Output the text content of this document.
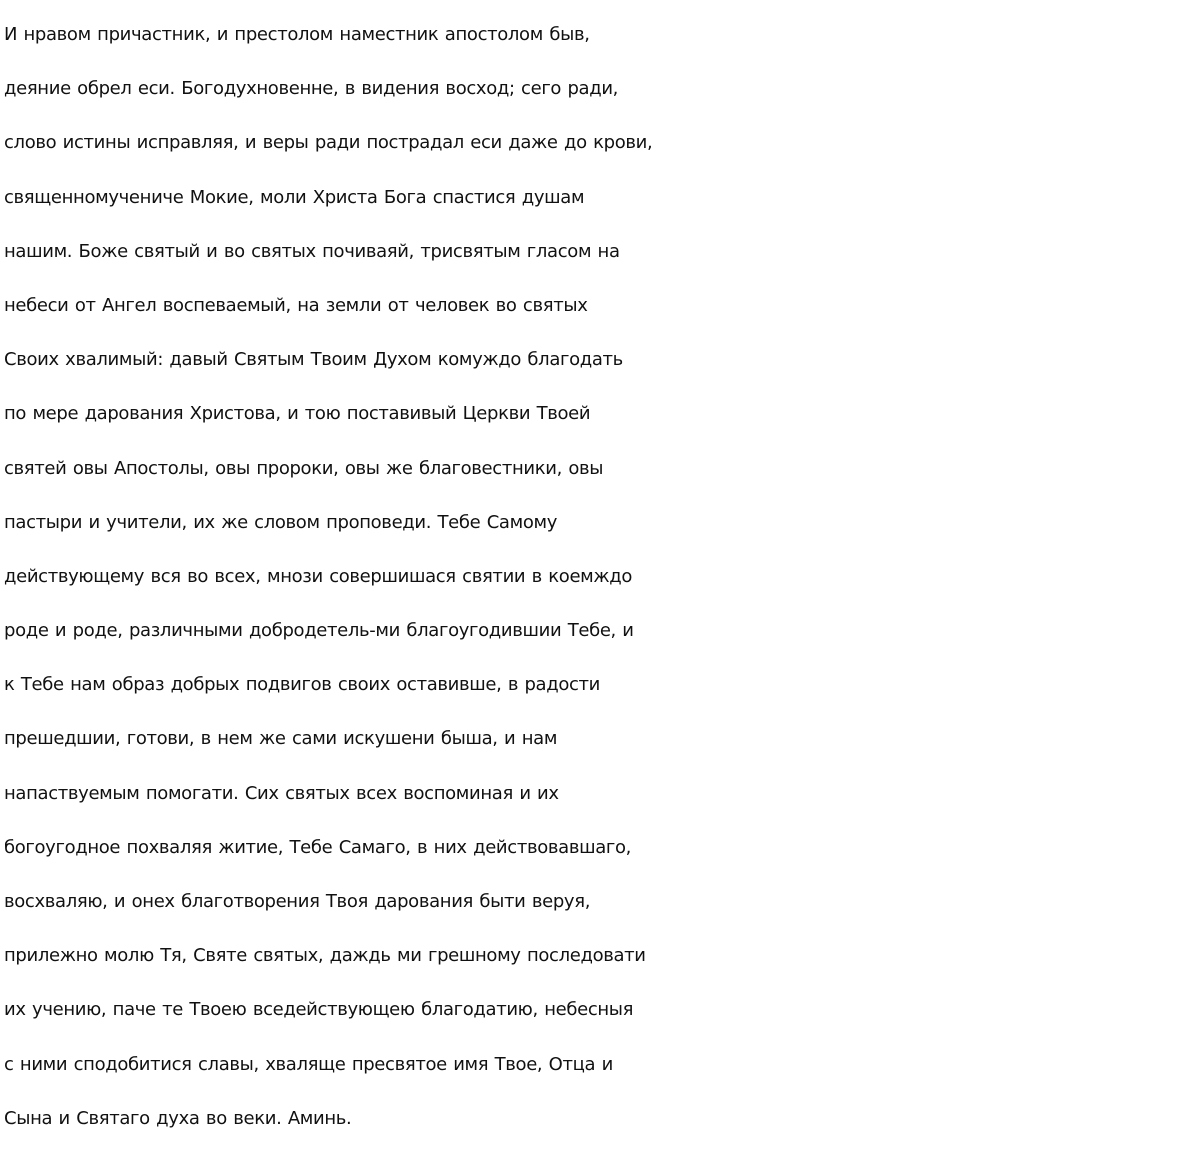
И нравом причастник, и престолом наместник апостолом быв,
деяние обрел еси. Богодухновенне, в видения восход; сего ради,
слово истины исправляя, и веры ради пострадал еси даже до крови,
священномучениче Мокие, моли Христа Бога спастися душам
нашим. Боже святый и во святых почиваяй, трисвятым гласом на
небеси от Ангел воспеваемый, на земли от человек во святых
Своих хвалимый: давый Святым Твоим Духом комуждо благодать
по мере дарования Христова, и тою поставивый Церкви Твоей
святей овы Апостолы, овы пророки, овы же благовестники, овы
пастыри и учители, их же словом проповеди. Тебе Самому
действующему вся во всех, мнози совершишася святии в коемждо
роде и роде, различными добродетель-ми благоугодившии Тебе, и
к Тебе нам образ добрых подвигов своих оставивше, в радости
прешедшии, готови, в нем же сами искушени быша, и нам
напаствуемым помогати. Сих святых всех воспоминая и их
богоугодное похваляя житие, Тебе Самаго, в них действовавшаго,
восхваляю, и онех благотворения Твоя дарования быти веруя,
прилежно молю Тя, Святе святых, даждь ми грешному последовати
их учению, паче те Твоею вседействующею благодатию, небесныя
с ними сподобитися славы, хваляще пресвятое имя Твое, Отца и
Сына и Святаго духа во веки. Аминь.
